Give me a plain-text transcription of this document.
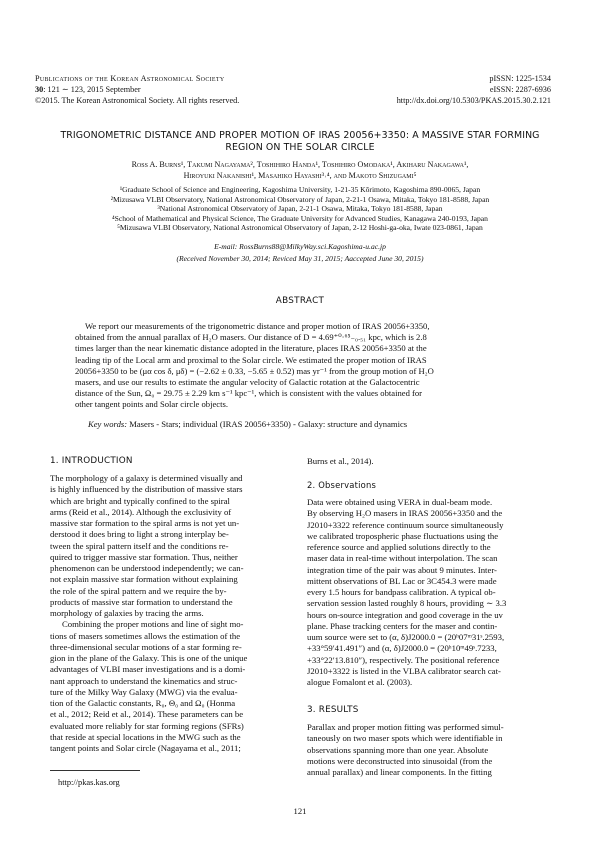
Publications of the Korean Astronomical Society
30: 121 ∼ 123, 2015 September
©2015. The Korean Astronomical Society. All rights reserved.
pISSN: 1225-1534
eISSN: 2287-6936
http://dx.doi.org/10.5303/PKAS.2015.30.2.121
TRIGONOMETRIC DISTANCE AND PROPER MOTION OF IRAS 20056+3350: A MASSIVE STAR FORMING
REGION ON THE SOLAR CIRCLE
Ross A. Burns¹, Takumi Nagayama², Toshihiro Handa¹, Toshihiro Omodaka¹, Akiharu Nakagawa¹,
Hiroyuki Nakanishi¹, Masahiko Hayashi³˒⁴, and Makoto Shizugami⁵
¹Graduate School of Science and Engineering, Kagoshima University, 1-21-35 Kōrimoto, Kagoshima 890-0065, Japan
²Mizusawa VLBI Observatory, National Astronomical Observatory of Japan, 2-21-1 Osawa, Mitaka, Tokyo 181-8588, Japan
³National Astronomical Observatory of Japan, 2-21-1 Osawa, Mitaka, Tokyo 181-8588, Japan
⁴School of Mathematical and Physical Science, The Graduate University for Advanced Studies, Kanagawa 240-0193, Japan
⁵Mizusawa VLBI Observatory, National Astronomical Observatory of Japan, 2-12 Hoshi-ga-oka, Iwate 023-0861, Japan
E-mail: RossBurns88@MilkyWay.sci.Kagoshima-u.ac.jp
(Received November 30, 2014; Reviced May 31, 2015; Aaccepted June 30, 2015)
ABSTRACT
We report our measurements of the trigonometric distance and proper motion of IRAS 20056+3350,
obtained from the annual parallax of H₂O masers. Our distance of D = 4.69⁺⁰·⁶⁵₋₀.₅₁ kpc, which is 2.8
times larger than the near kinematic distance adopted in the literature, places IRAS 20056+3350 at the
leading tip of the Local arm and proximal to the Solar circle. We estimated the proper motion of IRAS
20056+3350 to be (μα cos δ, μδ) = (−2.62 ± 0.33, −5.65 ± 0.52) mas yr⁻¹ from the group motion of H₂O
masers, and use our results to estimate the angular velocity of Galactic rotation at the Galactocentric
distance of the Sun, Ω₀ = 29.75 ± 2.29 km s⁻¹ kpc⁻¹, which is consistent with the values obtained for
other tangent points and Solar circle objects.
Key words: Masers - Stars; individual (IRAS 20056+3350) - Galaxy: structure and dynamics
1. INTRODUCTION
The morphology of a galaxy is determined visually and
is highly influenced by the distribution of massive stars
which are bright and typically confined to the spiral
arms (Reid et al., 2014). Although the exclusivity of
massive star formation to the spiral arms is not yet un-
derstood it does bring to light a strong interplay be-
tween the spiral pattern itself and the conditions re-
quired to trigger massive star formation. Thus, neither
phenomenon can be understood independently; we can-
not explain massive star formation without explaining
the role of the spiral pattern and we require the by-
products of massive star formation to understand the
morphology of galaxies by tracing the arms.
Combining the proper motions and line of sight mo-
tions of masers sometimes allows the estimation of the
three-dimensional secular motions of a star forming re-
gion in the plane of the Galaxy. This is one of the unique
advantages of VLBI maser investigations and is a domi-
nant approach to understand the kinematics and struc-
ture of the Milky Way Galaxy (MWG) via the evalua-
tion of the Galactic constants, R₀, Θ₀ and Ω₀ (Honma
et al., 2012; Reid et al., 2014). These parameters can be
evaluated more reliably for star forming regions (SFRs)
that reside at special locations in the MWG such as the
tangent points and Solar circle (Nagayama et al., 2011;
http://pkas.kas.org
Burns et al., 2014).
2. Observations
Data were obtained using VERA in dual-beam mode.
By observing H₂O masers in IRAS 20056+3350 and the
J2010+3322 reference continuum source simultaneously
we calibrated tropospheric phase fluctuations using the
reference source and applied solutions directly to the
maser data in real-time without interpolation. The scan
integration time of the pair was about 9 minutes. Inter-
mittent observations of BL Lac or 3C454.3 were made
every 1.5 hours for bandpass calibration. A typical ob-
servation session lasted roughly 8 hours, providing ∼ 3.3
hours on-source integration and good coverage in the uv
plane. Phase tracking centers for the maser and contin-
uum source were set to (α, δ)J2000.0 = (20ʰ07ᵐ31ˢ.2593,
+33°59′41.491″) and (α, δ)J2000.0 = (20ʰ10ᵐ49ˢ.7233,
+33°22′13.810″), respectively. The positional reference
J2010+3322 is listed in the VLBA calibrator search cat-
alogue Fomalont et al. (2003).
3. RESULTS
Parallax and proper motion fitting was performed simul-
taneously on two maser spots which were identifiable in
observations spanning more than one year. Absolute
motions were deconstructed into sinusoidal (from the
annual parallax) and linear components. In the fitting
121
